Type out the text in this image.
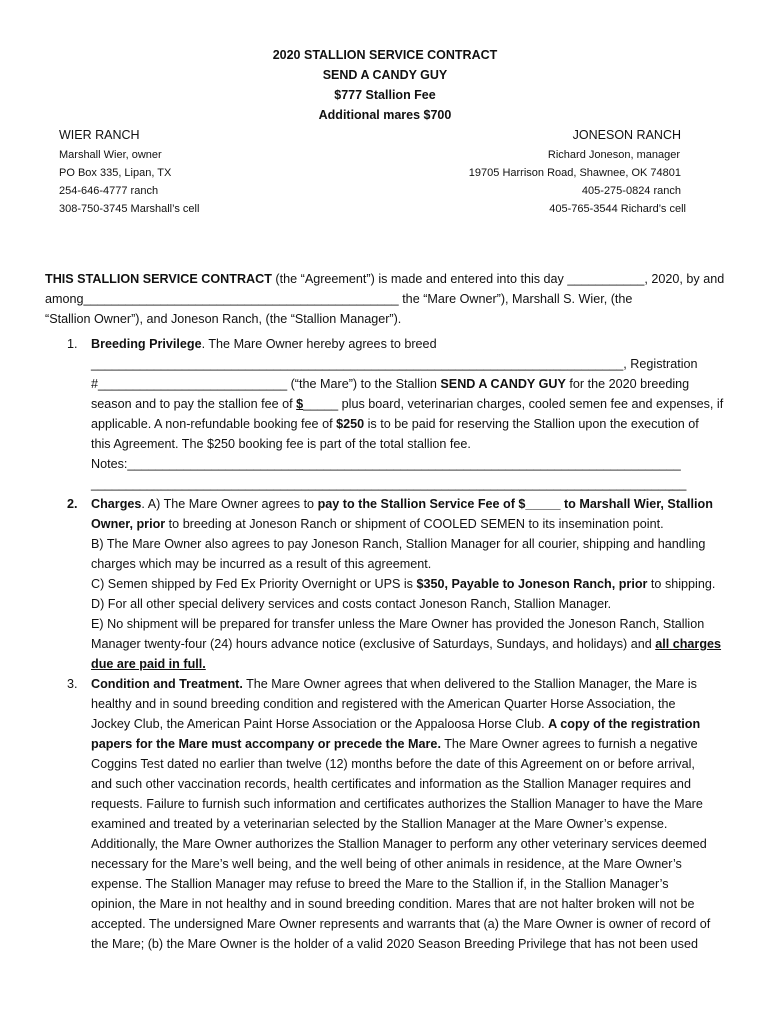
2020 STALLION SERVICE CONTRACT
SEND A CANDY GUY
$777 Stallion Fee
Additional mares $700
WIER RANCH
Marshall Wier, owner
PO Box 335, Lipan, TX
254-646-4777 ranch
308-750-3745 Marshall’s cell
JONESON RANCH
Richard Joneson, manager
19705 Harrison Road, Shawnee, OK 74801
405-275-0824 ranch
405-765-3544 Richard’s cell

THIS STALLION SERVICE CONTRACT (the “Agreement”) is made and entered into this day ___________, 2020, by and

among_____________________________________________ the “Mare Owner”), Marshall S. Wier, (the

“Stallion Owner”), and Joneson Ranch, (the “Stallion Manager”).

1. Breeding Privilege. The Mare Owner hereby agrees to breed
____________________________________________________________________________, Registration
#___________________________ (“the Mare”) to the Stallion SEND A CANDY GUY for the 2020 breeding
season and to pay the stallion fee of $_____ plus board, veterinarian charges, cooled semen fee and expenses, if
applicable. A non-refundable booking fee of $250 is to be paid for reserving the Stallion upon the execution of
this Agreement. The $250 booking fee is part of the total stallion fee.
Notes:_______________________________________________________________________________
_____________________________________________________________________________________
2. Charges. A) The Mare Owner agrees to pay to the Stallion Service Fee of $_____ to Marshall Wier, Stallion
Owner, prior to breeding at Joneson Ranch or shipment of COOLED SEMEN to its insemination point.
B) The Mare Owner also agrees to pay Joneson Ranch, Stallion Manager for all courier, shipping and handling
charges which may be incurred as a result of this agreement.
C) Semen shipped by Fed Ex Priority Overnight or UPS is $350, Payable to Joneson Ranch, prior to shipping.
D) For all other special delivery services and costs contact Joneson Ranch, Stallion Manager.
E) No shipment will be prepared for transfer unless the Mare Owner has provided the Joneson Ranch, Stallion
Manager twenty-four (24) hours advance notice (exclusive of Saturdays, Sundays, and holidays) and all charges
due are paid in full.
3. Condition and Treatment. The Mare Owner agrees that when delivered to the Stallion Manager, the Mare is
healthy and in sound breeding condition and registered with the American Quarter Horse Association, the
Jockey Club, the American Paint Horse Association or the Appaloosa Horse Club. A copy of the registration
papers for the Mare must accompany or precede the Mare. The Mare Owner agrees to furnish a negative
Coggins Test dated no earlier than twelve (12) months before the date of this Agreement on or before arrival,
and such other vaccination records, health certificates and information as the Stallion Manager requires and
requests. Failure to furnish such information and certificates authorizes the Stallion Manager to have the Mare
examined and treated by a veterinarian selected by the Stallion Manager at the Mare Owner’s expense.
Additionally, the Mare Owner authorizes the Stallion Manager to perform any other veterinary services deemed
necessary for the Mare’s well being, and the well being of other animals in residence, at the Mare Owner’s
expense. The Stallion Manager may refuse to breed the Mare to the Stallion if, in the Stallion Manager’s
opinion, the Mare in not healthy and in sound breeding condition. Mares that are not halter broken will not be
accepted. The undersigned Mare Owner represents and warrants that (a) the Mare Owner is owner of record of
the Mare; (b) the Mare Owner is the holder of a valid 2020 Season Breeding Privilege that has not been used
